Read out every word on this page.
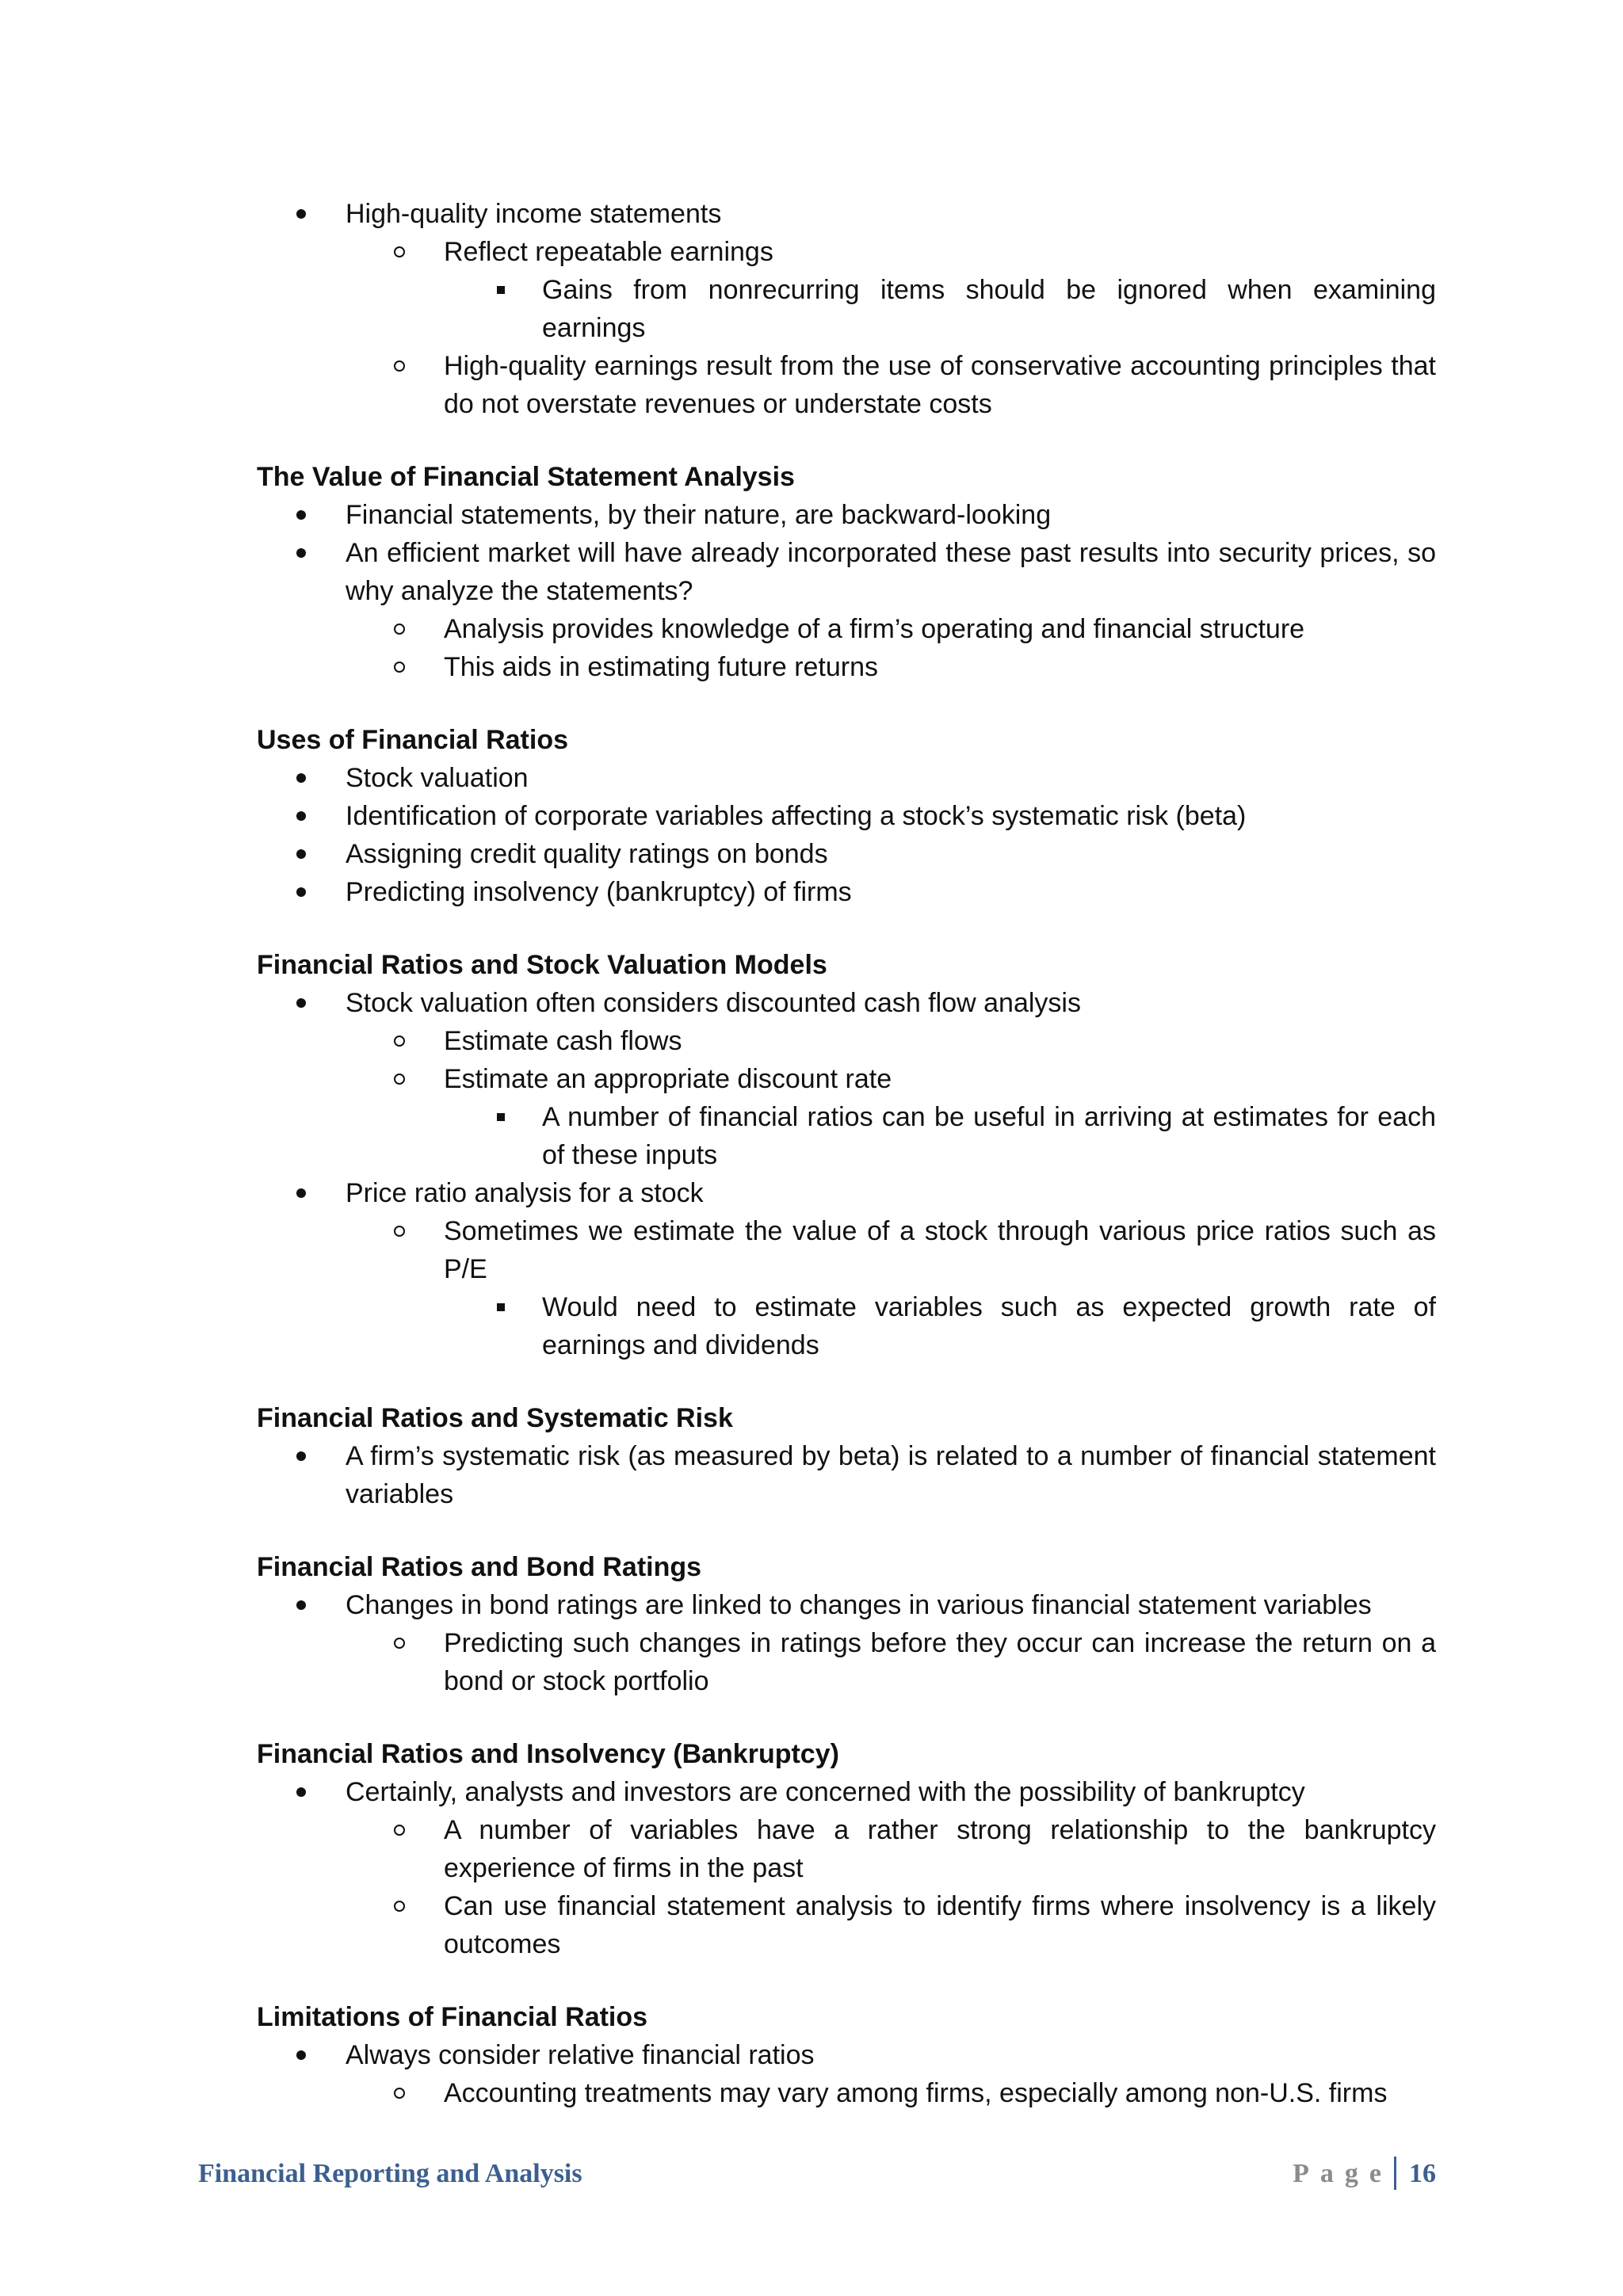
High-quality income statements
Reflect repeatable earnings
Gains from nonrecurring items should be ignored when examining earnings
High-quality earnings result from the use of conservative accounting principles that do not overstate revenues or understate costs
The Value of Financial Statement Analysis
Financial statements, by their nature, are backward-looking
An efficient market will have already incorporated these past results into security prices, so why analyze the statements?
Analysis provides knowledge of a firm’s operating and financial structure
This aids in estimating future returns
Uses of Financial Ratios
Stock valuation
Identification of corporate variables affecting a stock’s systematic risk (beta)
Assigning credit quality ratings on bonds
Predicting insolvency (bankruptcy) of firms
Financial Ratios and Stock Valuation Models
Stock valuation often considers discounted cash flow analysis
Estimate cash flows
Estimate an appropriate discount rate
A number of financial ratios can be useful in arriving at estimates for each of these inputs
Price ratio analysis for a stock
Sometimes we estimate the value of a stock through various price ratios such as P/E
Would need to estimate variables such as expected growth rate of earnings and dividends
Financial Ratios and Systematic Risk
A firm’s systematic risk (as measured by beta) is related to a number of financial statement variables
Financial Ratios and Bond Ratings
Changes in bond ratings are linked to changes in various financial statement variables
Predicting such changes in ratings before they occur can increase the return on a bond or stock portfolio
Financial Ratios and Insolvency (Bankruptcy)
Certainly, analysts and investors are concerned with the possibility of bankruptcy
A number of variables have a rather strong relationship to the bankruptcy experience of firms in the past
Can use financial statement analysis to identify firms where insolvency is a likely outcomes
Limitations of Financial Ratios
Always consider relative financial ratios
Accounting treatments may vary among firms, especially among non-U.S. firms
Financial Reporting and Analysis	Page 16
